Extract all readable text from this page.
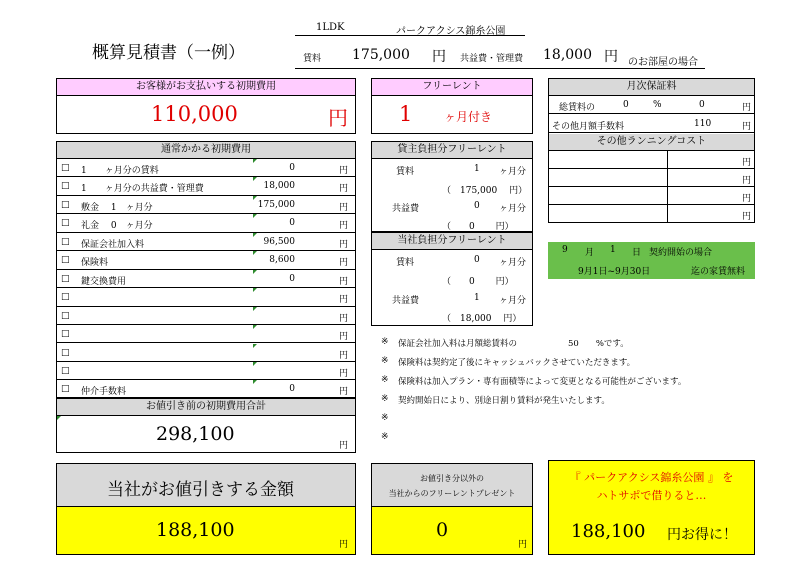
概算見積書（一例）
1LDK	パークアクシス錦糸公園
賃料 175,000 円 共益費・管理費 18,000 円 のお部屋の場合
お客様がお支払いする初期費用
110,000	円
フリーレント
1	ヶ月付き
月次保証料
総賃料の	0	%	0	円
その他月額手数料	110	円
その他ランニングコスト
円
円
円
円
通常かかる初期費用
□ 1　　ヶ月分の賃料	0	円
□ 1　　ヶ月分の共益費・管理費	18,000	円
□ 敷金　 1　ヶ月分	175,000	円
□ 礼金　 0　ヶ月分	0	円
□ 保証会社加入料	96,500	円
□ 保険料	8,600	円
□ 鍵交換費用	0	円
□	円
□	円
□	円
□	円
□	円
□ 仲介手数料	0	円
お値引き前の初期費用合計
298,100
円
貸主負担分フリーレント
賃料	1 ヶ月分
（　175,000　 円）
共益費	0 ヶ月分
（　　0　　 円）
当社負担分フリーレント
賃料	0 ヶ月分
（　　0　　 円）
共益費	1 ヶ月分
（　18,000　 円）
9 月 1 日 契約開始の場合
9月1日~9月30日	迄の家賃無料
※ 保証会社加入料は月額総賃料の　　　　　　50　　%です。
※ 保険料は契約定了後にキャッシュバックさせていただきます。
※ 保険料は加入プラン・専有面積等によって変更となる可能性がございます。
※ 契約開始日により、別途日割り賃料が発生いたします。
※
※
当社がお値引きする金額
188,100
円
お値引き分以外の
当社からのフリーレントプレゼント
0
円
『 パークアクシス錦糸公園 』 を
ハトサポで借りると…
188,100 円お得に！
